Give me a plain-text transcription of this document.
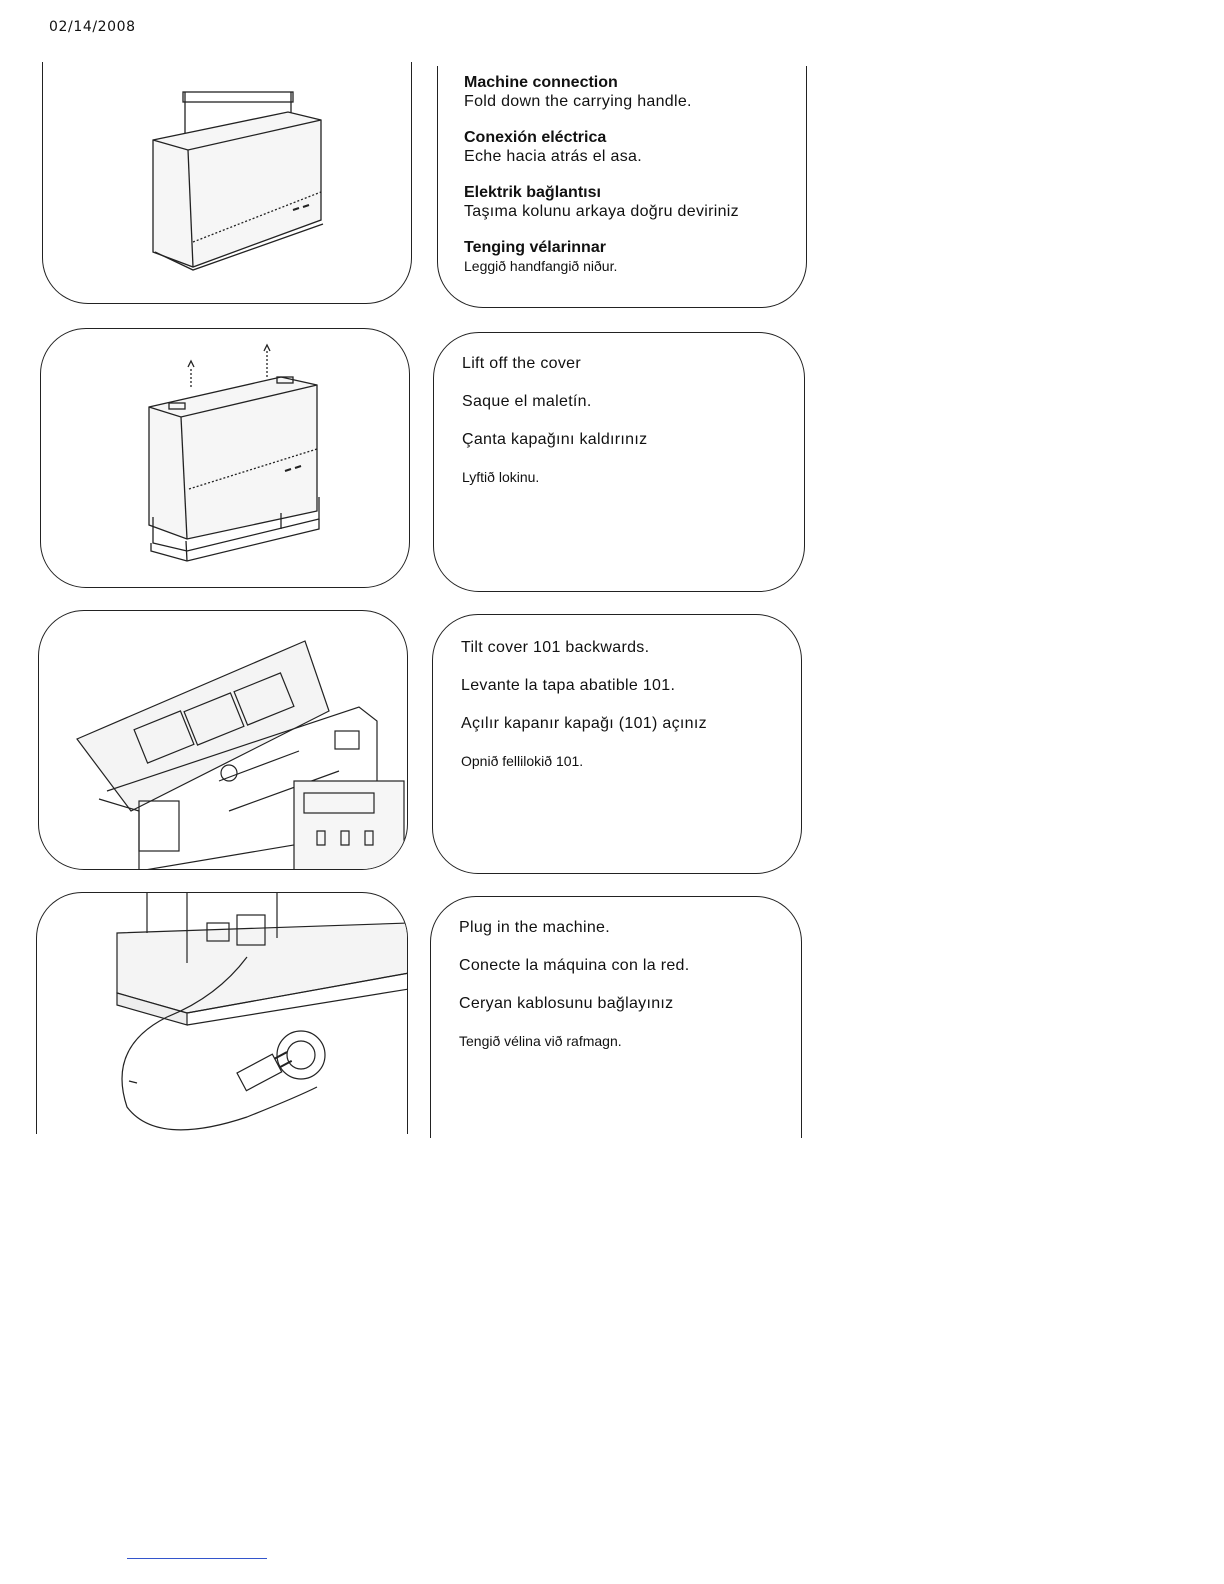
02/14/2008
Machine connection
Fold down the carrying handle.
Conexión eléctrica
Eche hacia atrás el asa.
Elektrik bağlantısı
Taşıma kolunu arkaya doğru deviriniz
Tenging vélarinnar
Leggið handfangið niður.
Lift off the cover
Saque el maletín.
Çanta kapağını kaldırınız
Lyftið lokinu.
Tilt cover 101 backwards.
Levante la tapa abatible 101.
Açılır kapanır kapağı (101) açınız
Opnið fellilokið 101.
Plug in the machine.
Conecte la máquina con la red.
Ceryan kablosunu bağlayınız
Tengið vélina við rafmagn.
